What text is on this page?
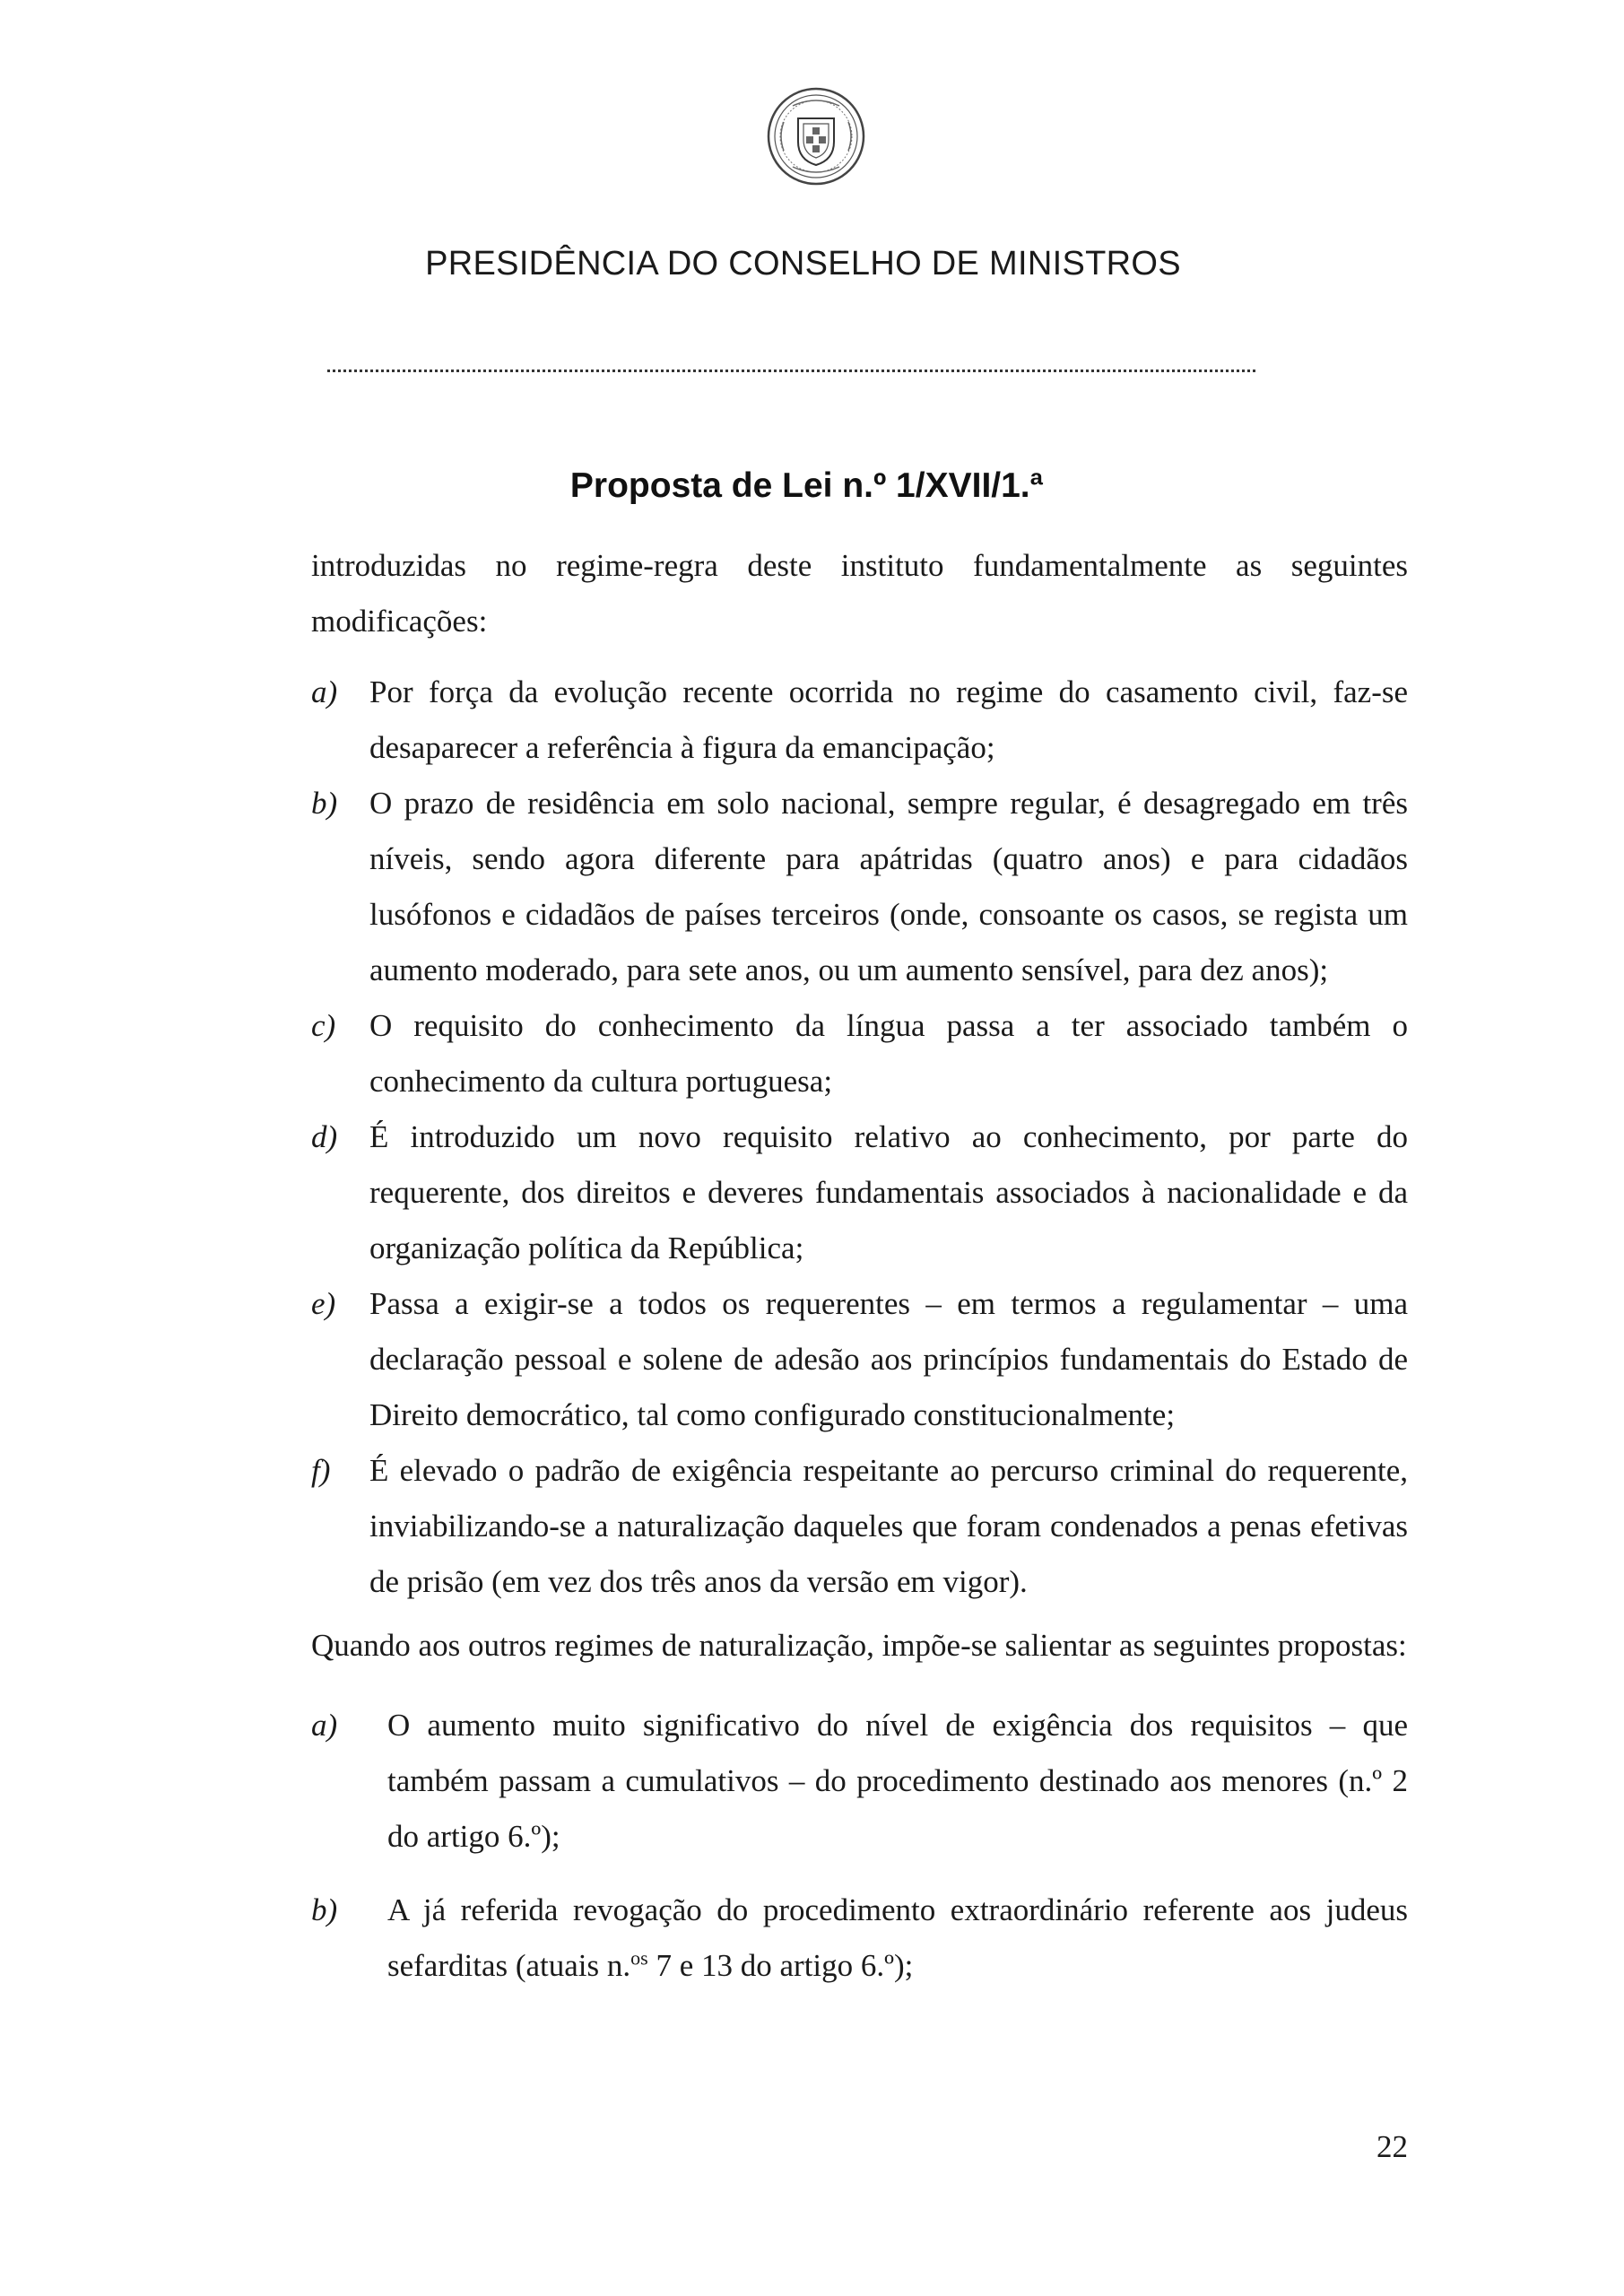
PRESIDÊNCIA DO CONSELHO DE MINISTROS
Proposta de Lei n.º 1/XVII/1.ª
introduzidas no regime-regra deste instituto fundamentalmente as seguintes modificações:
a) Por força da evolução recente ocorrida no regime do casamento civil, faz-se desaparecer a referência à figura da emancipação;
b) O prazo de residência em solo nacional, sempre regular, é desagregado em três níveis, sendo agora diferente para apátridas (quatro anos) e para cidadãos lusófonos e cidadãos de países terceiros (onde, consoante os casos, se regista um aumento moderado, para sete anos, ou um aumento sensível, para dez anos);
c) O requisito do conhecimento da língua passa a ter associado também o conhecimento da cultura portuguesa;
d) É introduzido um novo requisito relativo ao conhecimento, por parte do requerente, dos direitos e deveres fundamentais associados à nacionalidade e da organização política da República;
e) Passa a exigir-se a todos os requerentes – em termos a regulamentar – uma declaração pessoal e solene de adesão aos princípios fundamentais do Estado de Direito democrático, tal como configurado constitucionalmente;
f) É elevado o padrão de exigência respeitante ao percurso criminal do requerente, inviabilizando-se a naturalização daqueles que foram condenados a penas efetivas de prisão (em vez dos três anos da versão em vigor).
Quando aos outros regimes de naturalização, impõe-se salientar as seguintes propostas:
a) O aumento muito significativo do nível de exigência dos requisitos – que também passam a cumulativos – do procedimento destinado aos menores (n.º 2 do artigo 6.º);
b) A já referida revogação do procedimento extraordinário referente aos judeus sefarditas (atuais n.$^{os}$ 7 e 13 do artigo 6.º);
22
